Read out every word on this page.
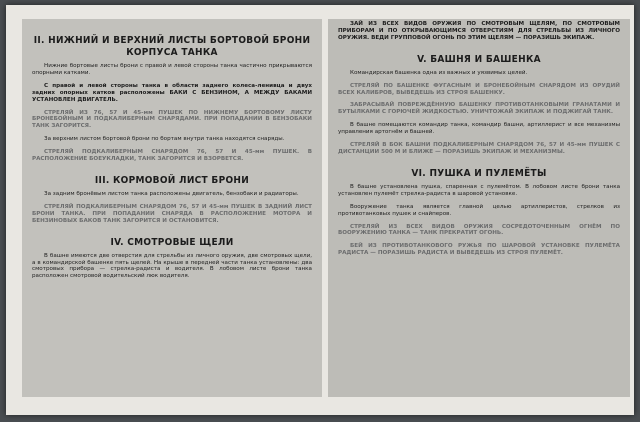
II. НИЖНИЙ И ВЕРХНИЙ ЛИСТЫ БОРТОВОЙ БРОНИ КОРПУСА ТАНКА

Нижние бортовые листы брони с правой и левой стороны танка частично прикрываются опорными катками.

С правой и левой стороны танка в области заднего колеса-ленивца и двух задних опорных катков расположены БАКИ С БЕНЗИНОМ, А МЕЖДУ БАКАМИ УСТАНОВЛЕН ДВИГАТЕЛЬ.

СТРЕЛЯЙ ИЗ 76, 57 И 45-мм ПУШЕК ПО НИЖНЕМУ БОРТОВОМУ ЛИСТУ БРОНЕБОЙНЫМ И ПОДКАЛИБЕРНЫМ СНАРЯДАМИ. ПРИ ПОПАДАНИИ В БЕНЗОБАКИ ТАНК ЗАГОРИТСЯ.

За верхним листом бортовой брони по бортам внутри танка находятся снаряды.

СТРЕЛЯЙ ПОДКАЛИБЕРНЫМ СНАРЯДОМ 76, 57 И 45-мм ПУШЕК. В РАСПОЛОЖЕНИЕ БОЕУКЛАДКИ, ТАНК ЗАГОРИТСЯ И ВЗОРВЕТСЯ.

III. КОРМОВОЙ ЛИСТ БРОНИ

За задним бронёвым листом танка расположены двигатель, бензобаки и радиаторы.

СТРЕЛЯЙ ПОДКАЛИБЕРНЫМ СНАРЯДОМ 76, 57 И 45-мм ПУШЕК В ЗАДНИЙ ЛИСТ БРОНИ ТАНКА. ПРИ ПОПАДАНИИ СНАРЯДА В РАСПОЛОЖЕНИЕ МОТОРА И БЕНЗИНОВЫХ БАКОВ ТАНК ЗАГОРИТСЯ И ОСТАНОВИТСЯ.

IV. СМОТРОВЫЕ ЩЕЛИ

В башне имеются две отверстия для стрельбы из личного оружия, две смотровых щели, а в командирской башенке пять щелей. На крыше в передней части танка установлены: два смотровых прибора — стрелка-радиста и водителя. В лобовом листе брони танка расположен смотровой водительский люк водителя.

ЗАЙ ИЗ ВСЕХ ВИДОВ ОРУЖИЯ ПО СМОТРОВЫМ ЩЕЛЯМ, ПО СМОТРОВЫМ ПРИБОРАМ И ПО ОТКРЫВАЮЩИМСЯ ОТВЕРСТИЯМ ДЛЯ СТРЕЛЬБЫ ИЗ ЛИЧНОГО ОРУЖИЯ. ВЕДИ ГРУППОВОЙ ОГОНЬ ПО ЭТИМ ЩЕЛЯМ — ПОРАЗИШЬ ЭКИПАЖ.

V. БАШНЯ И БАШЕНКА

Командирская башенка одна из важных и уязвимых целей.

СТРЕЛЯЙ ПО БАШЕНКЕ ФУГАСНЫМ И БРОНЕБОЙНЫМ СНАРЯДОМ ИЗ ОРУДИЙ ВСЕХ КАЛИБРОВ, ВЫВЕДЕШЬ ИЗ СТРОЯ БАШЕНКУ.

ЗАБРАСЫВАЙ ПОВРЕЖДЁННУЮ БАШЕНКУ ПРОТИВОТАНКОВЫМИ ГРАНАТАМИ И БУТЫЛКАМИ С ГОРЮЧЕЙ ЖИДКОСТЬЮ. УНИЧТОЖАЙ ЭКИПАЖ И ПОДЖИГАЙ ТАНК.

В башне помещаются командир танка, командир башни, артиллерист и все механизмы управления артогнём и башней.

СТРЕЛЯЙ В БОК БАШНИ ПОДКАЛИБЕРНЫМ СНАРЯДОМ 76, 57 И 45-мм ПУШЕК С ДИСТАНЦИИ 500 М И БЛИЖЕ — ПОРАЗИШЬ ЭКИПАЖ И МЕХАНИЗМЫ.

VI. ПУШКА И ПУЛЕМЁТЫ

В башне установлена пушка, спаренная с пулемётом. В лобовом листе брони танка установлен пулемёт стрелка-радиста в шаровой установке.

Вооружение танка является главной целью артиллеристов, стрелков из противотанковых пушек и снайперов.

СТРЕЛЯЙ ИЗ ВСЕХ ВИДОВ ОРУЖИЯ СОСРЕДОТОЧЕННЫМ ОГНЁМ ПО ВООРУЖЕНИЮ ТАНКА — ТАНК ПРЕКРАТИТ ОГОНЬ.

БЕЙ ИЗ ПРОТИВОТАНКОВОГО РУЖЬЯ ПО ШАРОВОЙ УСТАНОВКЕ ПУЛЕМЁТА РАДИСТА — ПОРАЗИШЬ РАДИСТА И ВЫВЕДЕШЬ ИЗ СТРОЯ ПУЛЕМЁТ.
